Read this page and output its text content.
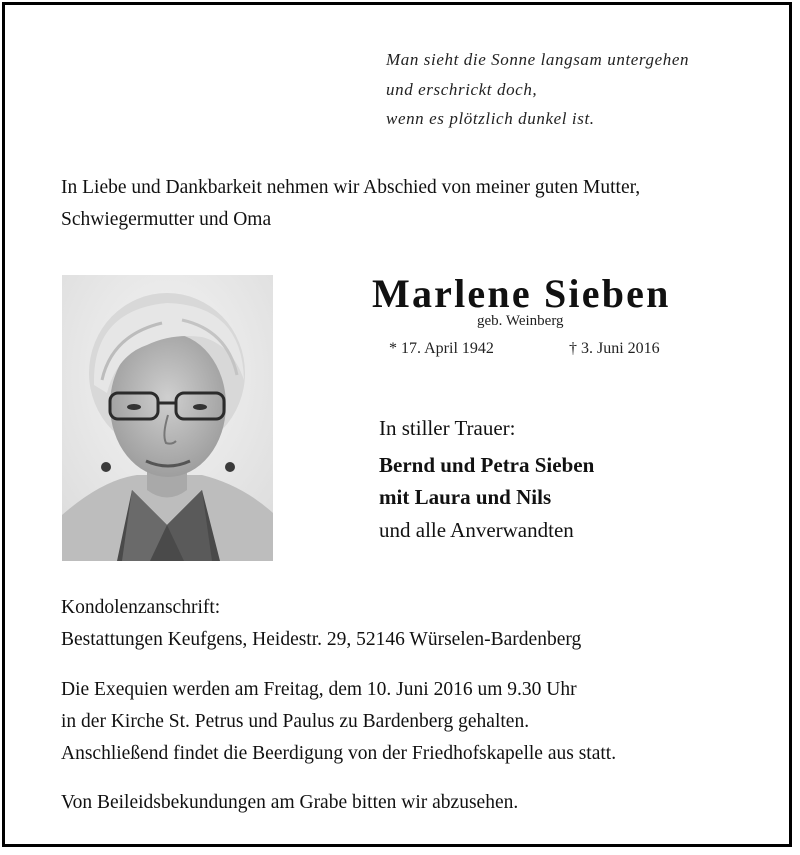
Man sieht die Sonne langsam untergehen
und erschrickt doch,
wenn es plötzlich dunkel ist.
In Liebe und Dankbarkeit nehmen wir Abschied von meiner guten Mutter,
Schwiegermutter und Oma
Marlene Sieben
geb. Weinberg
* 17. April 1942	† 3. Juni 2016
In stiller Trauer:
Bernd und Petra Sieben
mit Laura und Nils
und alle Anverwandten
Kondolenzanschrift:
Bestattungen Keufgens, Heidestr. 29, 52146 Würselen-Bardenberg
Die Exequien werden am Freitag, dem 10. Juni 2016 um 9.30 Uhr
in der Kirche St. Petrus und Paulus zu Bardenberg gehalten.
Anschließend findet die Beerdigung von der Friedhofskapelle aus statt.
Von Beileidsbekundungen am Grabe bitten wir abzusehen.
